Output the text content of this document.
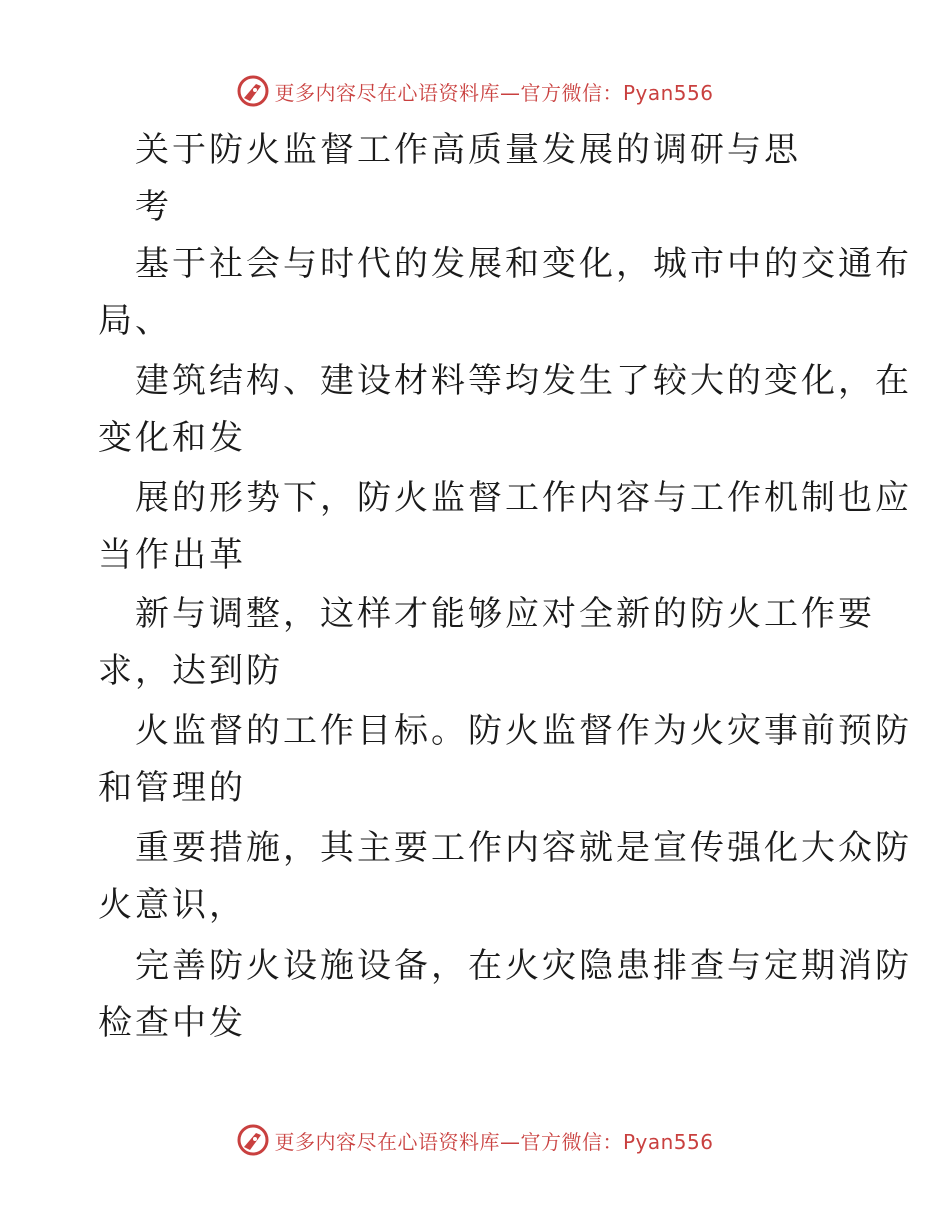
更多内容尽在心语资料库—官方微信：Pyan556
关于防火监督工作高质量发展的调研与思
考
基于社会与时代的发展和变化，城市中的交通布
局、
建筑结构、建设材料等均发生了较大的变化，在
变化和发
展的形势下，防火监督工作内容与工作机制也应
当作出革
新与调整，这样才能够应对全新的防火工作要
求，达到防
火监督的工作目标。防火监督作为火灾事前预防
和管理的
重要措施，其主要工作内容就是宣传强化大众防
火意识，
完善防火设施设备，在火灾隐患排查与定期消防
检查中发
更多内容尽在心语资料库—官方微信：Pyan556
